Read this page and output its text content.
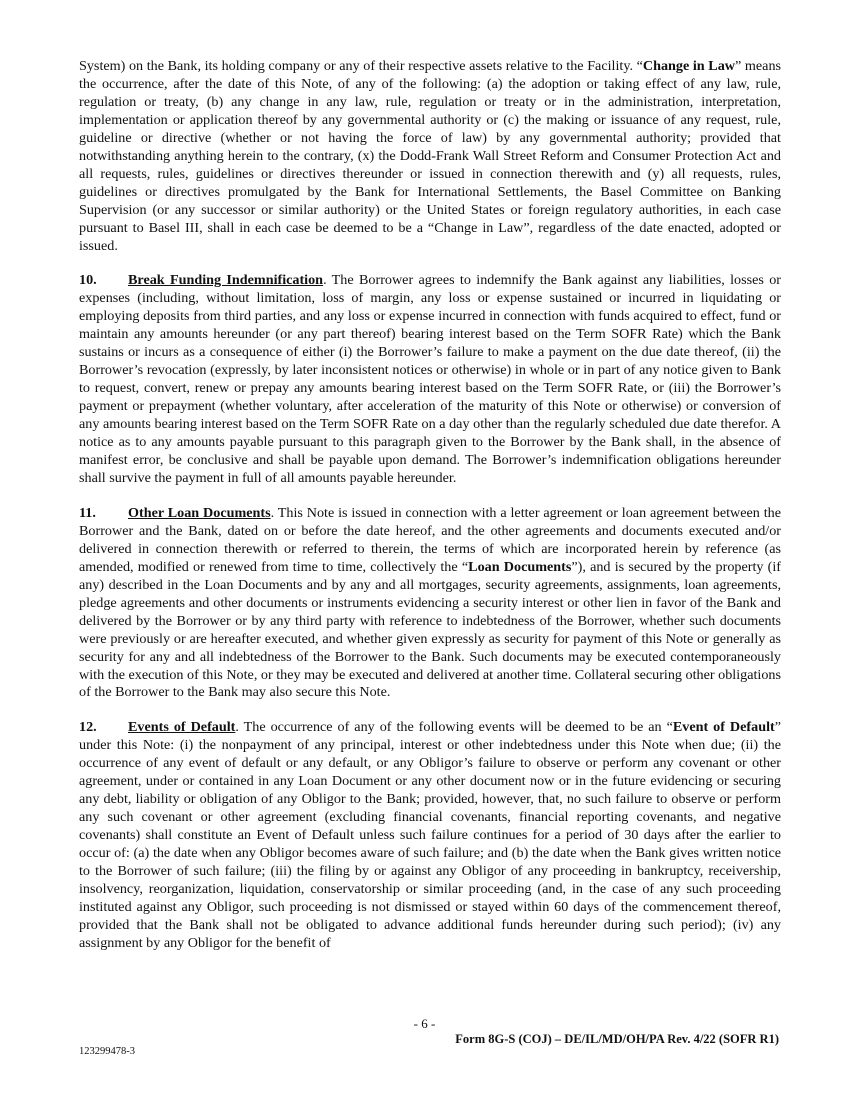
System) on the Bank, its holding company or any of their respective assets relative to the Facility. “Change in Law” means the occurrence, after the date of this Note, of any of the following: (a) the adoption or taking effect of any law, rule, regulation or treaty, (b) any change in any law, rule, regulation or treaty or in the administration, interpretation, implementation or application thereof by any governmental authority or (c) the making or issuance of any request, rule, guideline or directive (whether or not having the force of law) by any governmental authority; provided that notwithstanding anything herein to the contrary, (x) the Dodd-Frank Wall Street Reform and Consumer Protection Act and all requests, rules, guidelines or directives thereunder or issued in connection therewith and (y) all requests, rules, guidelines or directives promulgated by the Bank for International Settlements, the Basel Committee on Banking Supervision (or any successor or similar authority) or the United States or foreign regulatory authorities, in each case pursuant to Basel III, shall in each case be deemed to be a “Change in Law”, regardless of the date enacted, adopted or issued.

10. Break Funding Indemnification. The Borrower agrees to indemnify the Bank against any liabilities, losses or expenses (including, without limitation, loss of margin, any loss or expense sustained or incurred in liquidating or employing deposits from third parties, and any loss or expense incurred in connection with funds acquired to effect, fund or maintain any amounts hereunder (or any part thereof) bearing interest based on the Term SOFR Rate) which the Bank sustains or incurs as a consequence of either (i) the Borrower’s failure to make a payment on the due date thereof, (ii) the Borrower’s revocation (expressly, by later inconsistent notices or otherwise) in whole or in part of any notice given to Bank to request, convert, renew or prepay any amounts bearing interest based on the Term SOFR Rate, or (iii) the Borrower’s payment or prepayment (whether voluntary, after acceleration of the maturity of this Note or otherwise) or conversion of any amounts bearing interest based on the Term SOFR Rate on a day other than the regularly scheduled due date therefor. A notice as to any amounts payable pursuant to this paragraph given to the Borrower by the Bank shall, in the absence of manifest error, be conclusive and shall be payable upon demand. The Borrower’s indemnification obligations hereunder shall survive the payment in full of all amounts payable hereunder.

11. Other Loan Documents. This Note is issued in connection with a letter agreement or loan agreement between the Borrower and the Bank, dated on or before the date hereof, and the other agreements and documents executed and/or delivered in connection therewith or referred to therein, the terms of which are incorporated herein by reference (as amended, modified or renewed from time to time, collectively the “Loan Documents”), and is secured by the property (if any) described in the Loan Documents and by any and all mortgages, security agreements, assignments, loan agreements, pledge agreements and other documents or instruments evidencing a security interest or other lien in favor of the Bank and delivered by the Borrower or by any third party with reference to indebtedness of the Borrower, whether such documents were previously or are hereafter executed, and whether given expressly as security for payment of this Note or generally as security for any and all indebtedness of the Borrower to the Bank. Such documents may be executed contemporaneously with the execution of this Note, or they may be executed and delivered at another time. Collateral securing other obligations of the Borrower to the Bank may also secure this Note.

12. Events of Default. The occurrence of any of the following events will be deemed to be an “Event of Default” under this Note: (i) the nonpayment of any principal, interest or other indebtedness under this Note when due; (ii) the occurrence of any event of default or any default, or any Obligor’s failure to observe or perform any covenant or other agreement, under or contained in any Loan Document or any other document now or in the future evidencing or securing any debt, liability or obligation of any Obligor to the Bank; provided, however, that, no such failure to observe or perform any such covenant or other agreement (excluding financial covenants, financial reporting covenants, and negative covenants) shall constitute an Event of Default unless such failure continues for a period of 30 days after the earlier to occur of: (a) the date when any Obligor becomes aware of such failure; and (b) the date when the Bank gives written notice to the Borrower of such failure; (iii) the filing by or against any Obligor of any proceeding in bankruptcy, receivership, insolvency, reorganization, liquidation, conservatorship or similar proceeding (and, in the case of any such proceeding instituted against any Obligor, such proceeding is not dismissed or stayed within 60 days of the commencement thereof, provided that the Bank shall not be obligated to advance additional funds hereunder during such period); (iv) any assignment by any Obligor for the benefit of

- 6 -
Form 8G-S (COJ) – DE/IL/MD/OH/PA Rev. 4/22 (SOFR R1)
123299478-3
